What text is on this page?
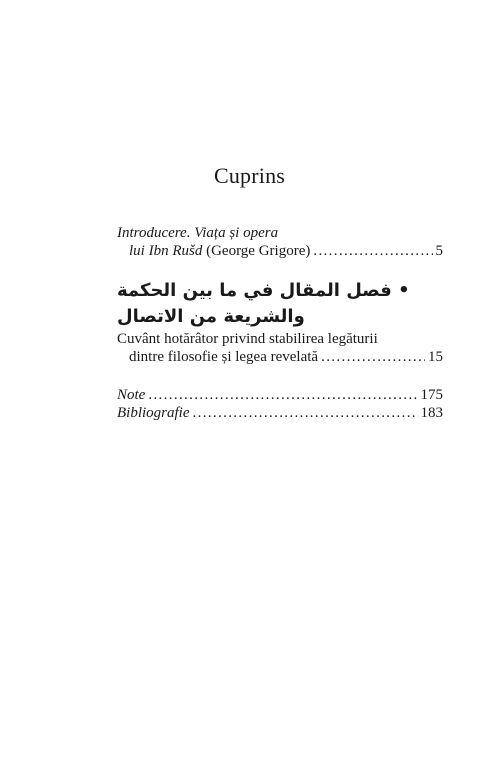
Cuprins
Introducere. Viața și opera
lui Ibn Rušd (George Grigore) . . .	5
• فصل المقال في ما بين الحكمة والشريعة من الاتصال
Cuvânt hotărâtor privind stabilirea legăturii
dintre filosofie și legea revelată . . .	15
Note . . .	175
Bibliografie . . .	183
